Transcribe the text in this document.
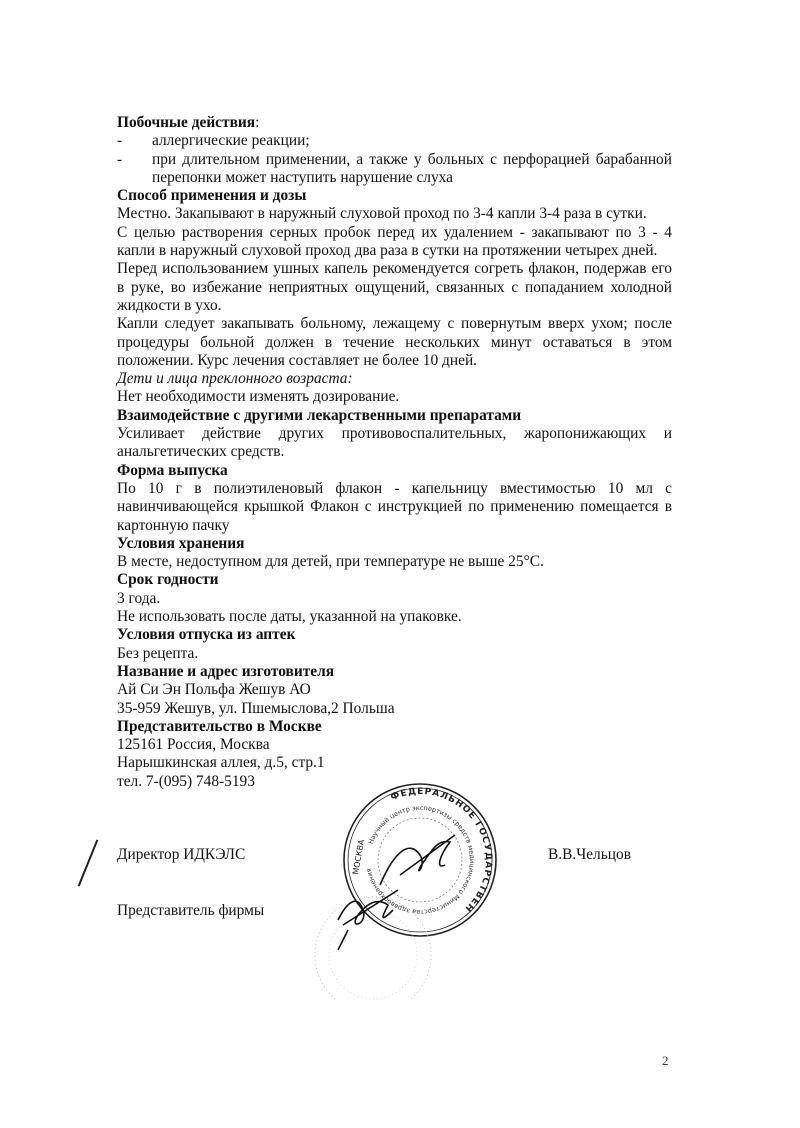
Побочные действия:

- аллергические реакции;

- при длительном применении, а также у больных с перфорацией барабанной перепонки может наступить нарушение слуха

Способ применения и дозы

Местно. Закапывают в наружный слуховой проход по 3-4 капли 3-4 раза в сутки.

С целью растворения серных пробок перед их удалением - закапывают по 3 - 4 капли в наружный слуховой проход два раза в сутки на протяжении четырех дней.

Перед использованием ушных капель рекомендуется согреть флакон, подержав его в руке, во избежание неприятных ощущений, связанных с попаданием холодной жидкости в ухо.

Капли следует закапывать больному, лежащему с повернутым вверх ухом; после процедуры больной должен в течение нескольких минут оставаться в этом положении. Курс лечения составляет не более 10 дней.

Дети и лица преклонного возраста:

Нет необходимости изменять дозирование.

Взаимодействие с другими лекарственными препаратами

Усиливает действие других противовоспалительных, жаропонижающих и анальгетических средств.

Форма выпуска

По 10 г в полиэтиленовый флакон - капельницу вместимостью 10 мл с навинчивающейся крышкой Флакон с инструкцией по применению помещается в картонную пачку

Условия хранения

В месте, недоступном для детей, при температуре не выше 25°С.

Срок годности

3 года.

Не использовать после даты, указанной на упаковке.

Условия отпуска из аптек

Без рецепта.

Название и адрес изготовителя

Ай Си Эн Польфа Жешув АО

35-959 Жешув, ул. Пшемыслова,2 Польша

Представительство в Москве

125161 Россия, Москва

Нарышкинская аллея, д.5, стр.1

тел. 7-(095) 748-5193

Директор ИДКЭЛС	В.В.Чельцов
Представитель фирмы
ФЕДЕРАЛЬНОЕ ГОСУДАРСТВЕН
Научный центр экспертизы средств медицинского Министерства здравоохранения
МОСКВА
2
